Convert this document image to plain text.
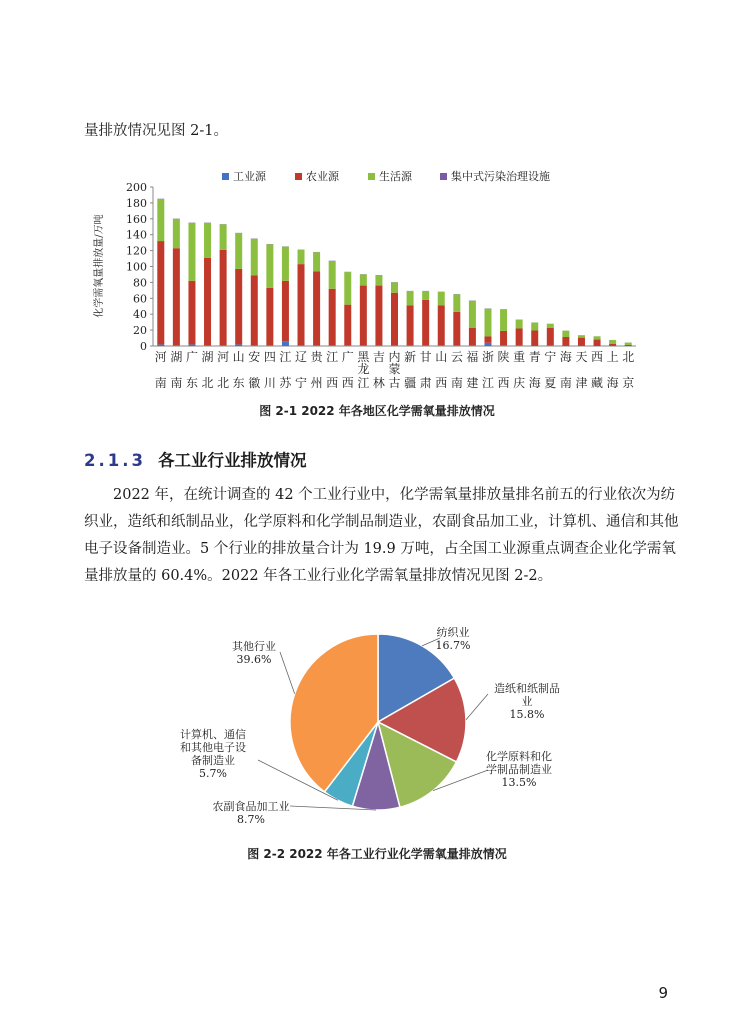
量排放情况见图 2-1。
工业源	农业源	生活源	集中式污染治理设施
0
20
40
60
80
100
120
140
160
180
200
化学需氧量排放量/万吨
河南
湖南
广东
湖北
河北
山东
安徽
四川
江苏
辽宁
贵州
江西
广西
黑龙江
吉林
内蒙古
新疆
甘肃
山西
云南
福建
浙江
陕西
重庆
青海
宁夏
海南
天津
西藏
上海
北京
图 2-1 2022 年各地区化学需氧量排放情况
2.1.3 各工业行业排放情况
2022 年，在统计调查的 42 个工业行业中，化学需氧量排放量排名前五的行业依次为纺织业，造纸和纸制品业，化学原料和化学制品制造业，农副食品加工业，计算机、通信和其他电子设备制造业。5 个行业的排放量合计为 19.9 万吨，占全国工业源重点调查企业化学需氧量排放量的 60.4%。2022 年各工业行业化学需氧量排放情况见图 2-2。
纺织业 16.7%
造纸和纸制品业 15.8%
化学原料和化学制品制造业 13.5%
农副食品加工业 8.7%
计算机、通信和其他电子设备制造业 5.7%
其他行业 39.6%
图 2-2 2022 年各工业行业化学需氧量排放情况
9
